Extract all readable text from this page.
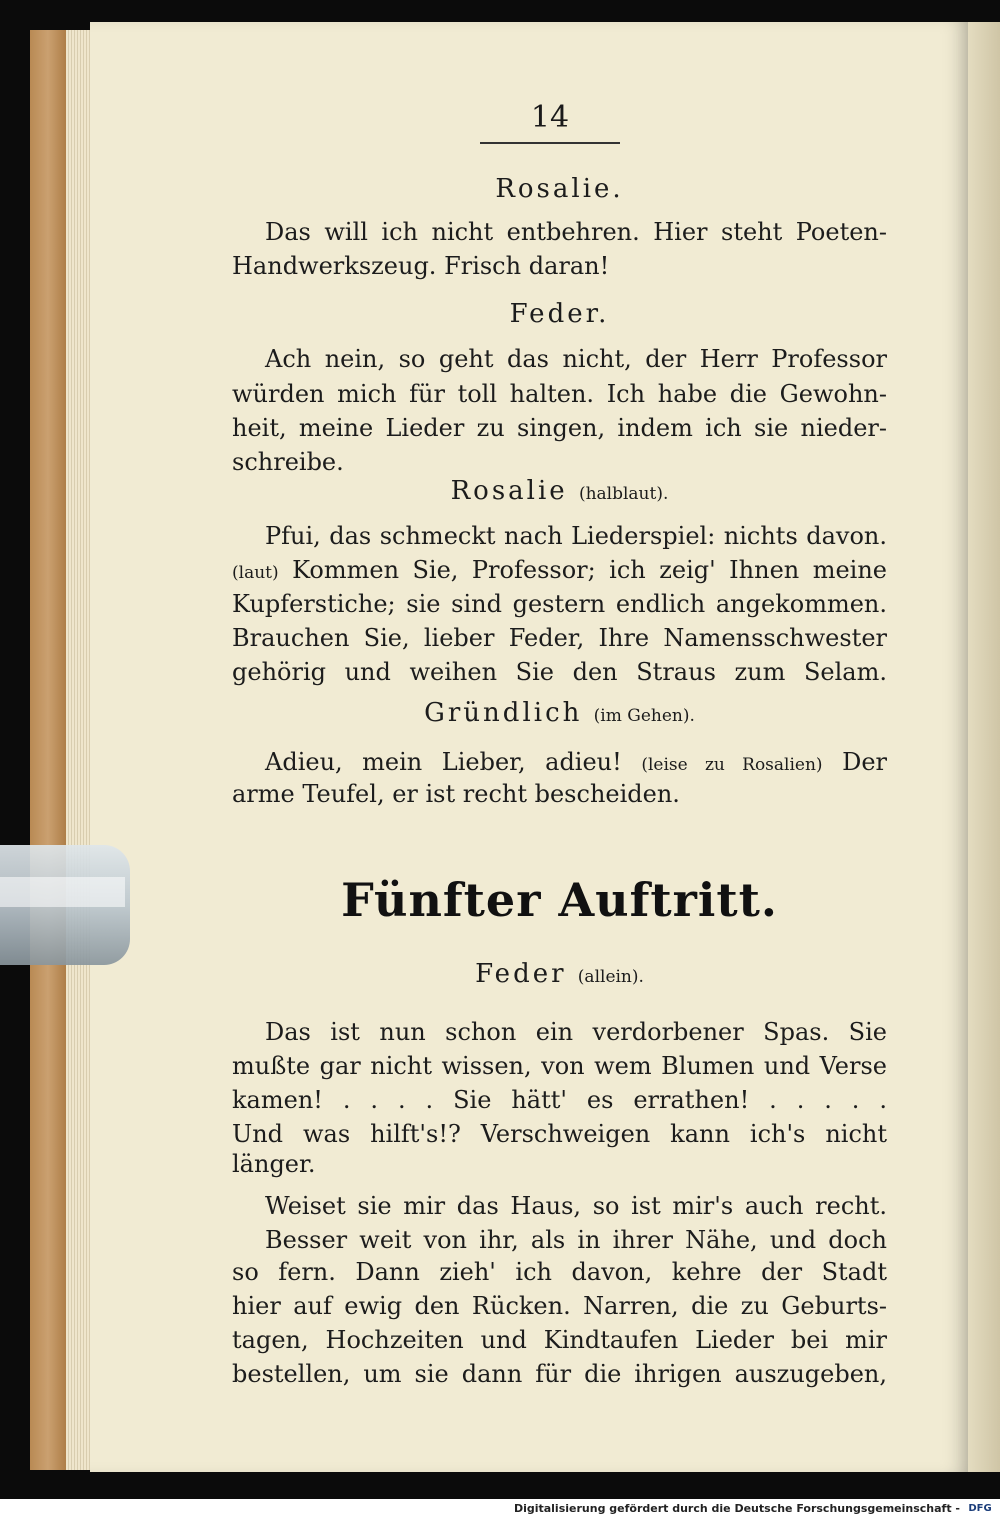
14
Rosalie.
Das will ich nicht entbehren. Hier steht Poeten-
Handwerkszeug. Frisch daran!
Feder.
Ach nein, so geht das nicht, der Herr Professor
würden mich für toll halten. Ich habe die Gewohn-
heit, meine Lieder zu singen, indem ich sie nieder-
schreibe.
Rosalie (halblaut).
Pfui, das schmeckt nach Liederspiel: nichts davon.
(laut) Kommen Sie, Professor; ich zeig' Ihnen meine
Kupferstiche; sie sind gestern endlich angekommen.
Brauchen Sie, lieber Feder, Ihre Namensschwester
gehörig und weihen Sie den Straus zum Selam.
Gründlich (im Gehen).
Adieu, mein Lieber, adieu! (leise zu Rosalien) Der
arme Teufel, er ist recht bescheiden.
Fünfter Auftritt.
Feder (allein).
Das ist nun schon ein verdorbener Spas. Sie
mußte gar nicht wissen, von wem Blumen und Verse
kamen! . . . . Sie hätt' es errathen! . . . . .
Und was hilft's!? Verschweigen kann ich's nicht
länger.
Weiset sie mir das Haus, so ist mir's auch recht.
Besser weit von ihr, als in ihrer Nähe, und doch
so fern. Dann zieh' ich davon, kehre der Stadt
hier auf ewig den Rücken. Narren, die zu Geburts-
tagen, Hochzeiten und Kindtaufen Lieder bei mir
bestellen, um sie dann für die ihrigen auszugeben,
Digitalisierung gefördert durch die Deutsche Forschungsgemeinschaft - DFG
